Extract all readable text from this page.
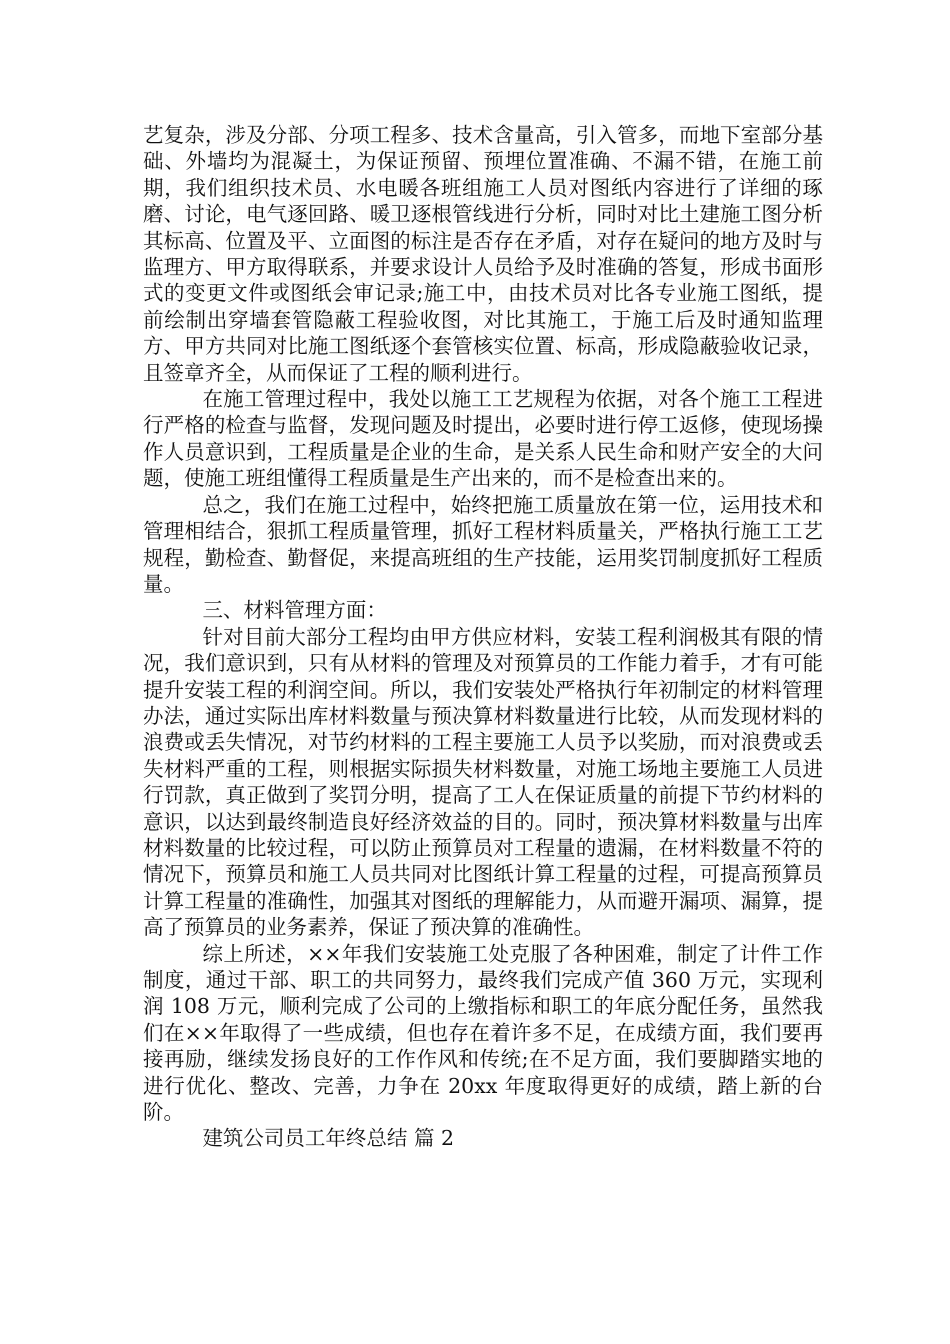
艺复杂，涉及分部、分项工程多、技术含量高，引入管多，而地下室部分基础、外墙均为混凝土，为保证预留、预埋位置准确、不漏不错，在施工前期，我们组织技术员、水电暖各班组施工人员对图纸内容进行了详细的琢磨、讨论，电气逐回路、暖卫逐根管线进行分析，同时对比土建施工图分析其标高、位置及平、立面图的标注是否存在矛盾，对存在疑问的地方及时与监理方、甲方取得联系，并要求设计人员给予及时准确的答复，形成书面形式的变更文件或图纸会审记录;施工中，由技术员对比各专业施工图纸，提前绘制出穿墙套管隐蔽工程验收图，对比其施工，于施工后及时通知监理方、甲方共同对比施工图纸逐个套管核实位置、标高，形成隐蔽验收记录，且签章齐全，从而保证了工程的顺利进行。

在施工管理过程中，我处以施工工艺规程为依据，对各个施工工程进行严格的检查与监督，发现问题及时提出，必要时进行停工返修，使现场操作人员意识到，工程质量是企业的生命，是关系人民生命和财产安全的大问题，使施工班组懂得工程质量是生产出来的，而不是检查出来的。

总之，我们在施工过程中，始终把施工质量放在第一位，运用技术和管理相结合，狠抓工程质量管理，抓好工程材料质量关，严格执行施工工艺规程，勤检查、勤督促，来提高班组的生产技能，运用奖罚制度抓好工程质量。

三、材料管理方面：

针对目前大部分工程均由甲方供应材料，安装工程利润极其有限的情况，我们意识到，只有从材料的管理及对预算员的工作能力着手，才有可能提升安装工程的利润空间。所以，我们安装处严格执行年初制定的材料管理办法，通过实际出库材料数量与预决算材料数量进行比较，从而发现材料的浪费或丢失情况，对节约材料的工程主要施工人员予以奖励，而对浪费或丢失材料严重的工程，则根据实际损失材料数量，对施工场地主要施工人员进行罚款，真正做到了奖罚分明，提高了工人在保证质量的前提下节约材料的意识，以达到最终制造良好经济效益的目的。同时，预决算材料数量与出库材料数量的比较过程，可以防止预算员对工程量的遗漏，在材料数量不符的情况下，预算员和施工人员共同对比图纸计算工程量的过程，可提高预算员计算工程量的准确性，加强其对图纸的理解能力，从而避开漏项、漏算，提高了预算员的业务素养，保证了预决算的准确性。

综上所述，××年我们安装施工处克服了各种困难，制定了计件工作制度，通过干部、职工的共同努力，最终我们完成产值 360 万元，实现利润 108 万元，顺利完成了公司的上缴指标和职工的年底分配任务，虽然我们在××年取得了一些成绩，但也存在着许多不足，在成绩方面，我们要再接再励，继续发扬良好的工作作风和传统;在不足方面，我们要脚踏实地的进行优化、整改、完善，力争在 20xx 年度取得更好的成绩，踏上新的台阶。

建筑公司员工年终总结 篇 2
